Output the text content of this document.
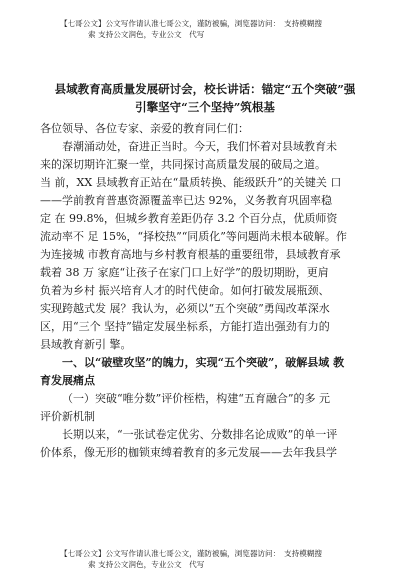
【七哥公文】公文写作请认准七哥公文，谨防被骗，浏览器访问：　支持模糊搜
索 支持公文润色，专业公文　代写
县域教育高质量发展研讨会，校长讲话：锚定“五个突破”强
引擎坚守“三个坚持”筑根基
各位领导、各位专家、亲爱的教育同仁们：
春潮涌动处，奋进正当时。今天，我们怀着对县域教育未
来的深切期许汇聚一堂，共同探讨高质量发展的破局之道。
当 前，XX 县域教育正站在“量质转换、能级跃升”的关键关 口
——学前教育普惠资源覆盖率已达 92%，义务教育巩固率稳
定 在 99.8%，但城乡教育差距仍存 3.2 个百分点，优质师资
流动率不 足 15%，“择校热”“同质化”等问题尚未根本破解。作
为连接城 市教育高地与乡村教育根基的重要纽带，县域教育承
载着 38 万 家庭“让孩子在家门口上好学”的殷切期盼，更肩
负着为乡村 振兴培育人才的时代使命。如何打破发展瓶颈、
实现跨越式发 展？我认为，必须以“五个突破”勇闯改革深水
区，用“三个 坚持”锚定发展坐标系，方能打造出强劲有力的
县域教育新引 擎。
一、以“破壁攻坚”的魄力，实现“五个突破”，破解县域 教
育发展痛点
（一）突破“唯分数”评价桎梏，构建“五育融合”的多 元
评价新机制
长期以来，“一张试卷定优劣、分数排名论成败”的单一评
价体系，像无形的枷锁束缚着教育的多元发展——去年我县学
【七哥公文】公文写作请认准七哥公文，谨防被骗，浏览器访问：　支持模糊搜
索 支持公文润色，专业公文　代写
